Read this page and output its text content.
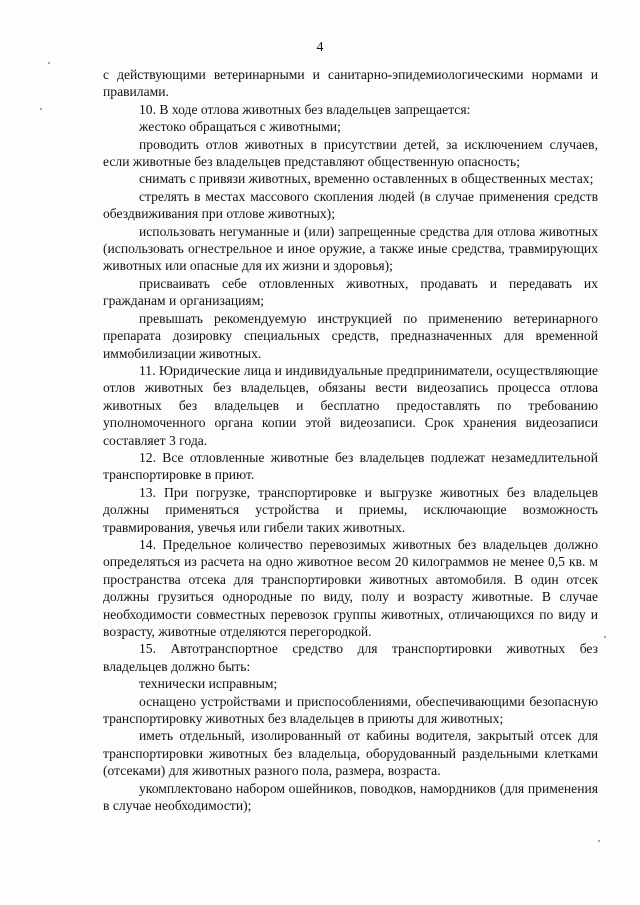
4

с действующими ветеринарными и санитарно-эпидемиологическими нормами и правилами.

10. В ходе отлова животных без владельцев запрещается:

жестоко обращаться с животными;

проводить отлов животных в присутствии детей, за исключением случаев, если животные без владельцев представляют общественную опасность;

снимать с привязи животных, временно оставленных в общественных местах;

стрелять в местах массового скопления людей (в случае применения средств обездвиживания при отлове животных);

использовать негуманные и (или) запрещенные средства для отлова животных (использовать огнестрельное и иное оружие, а также иные средства, травмирующих животных или опасные для их жизни и здоровья);

присваивать себе отловленных животных, продавать и передавать их гражданам и организациям;

превышать рекомендуемую инструкцией по применению ветеринарного препарата дозировку специальных средств, предназначенных для временной иммобилизации животных.

11. Юридические лица и индивидуальные предприниматели, осуществляющие отлов животных без владельцев, обязаны вести видеозапись процесса отлова животных без владельцев и бесплатно предоставлять по требованию уполномоченного органа копии этой видеозаписи. Срок хранения видеозаписи составляет 3 года.

12. Все отловленные животные без владельцев подлежат незамедлительной транспортировке в приют.

13. При погрузке, транспортировке и выгрузке животных без владельцев должны применяться устройства и приемы, исключающие возможность травмирования, увечья или гибели таких животных.

14. Предельное количество перевозимых животных без владельцев должно определяться из расчета на одно животное весом 20 килограммов не менее 0,5 кв. м пространства отсека для транспортировки животных автомобиля. В один отсек должны грузиться однородные по виду, полу и возрасту животные. В случае необходимости совместных перевозок группы животных, отличающихся по виду и возрасту, животные отделяются перегородкой.

15. Автотранспортное средство для транспортировки животных без владельцев должно быть:

технически исправным;

оснащено устройствами и приспособлениями, обеспечивающими безопасную транспортировку животных без владельцев в приюты для животных;

иметь отдельный, изолированный от кабины водителя, закрытый отсек для транспортировки животных без владельца, оборудованный раздельными клетками (отсеками) для животных разного пола, размера, возраста.

укомплектовано набором ошейников, поводков, намордников (для применения в случае необходимости);
